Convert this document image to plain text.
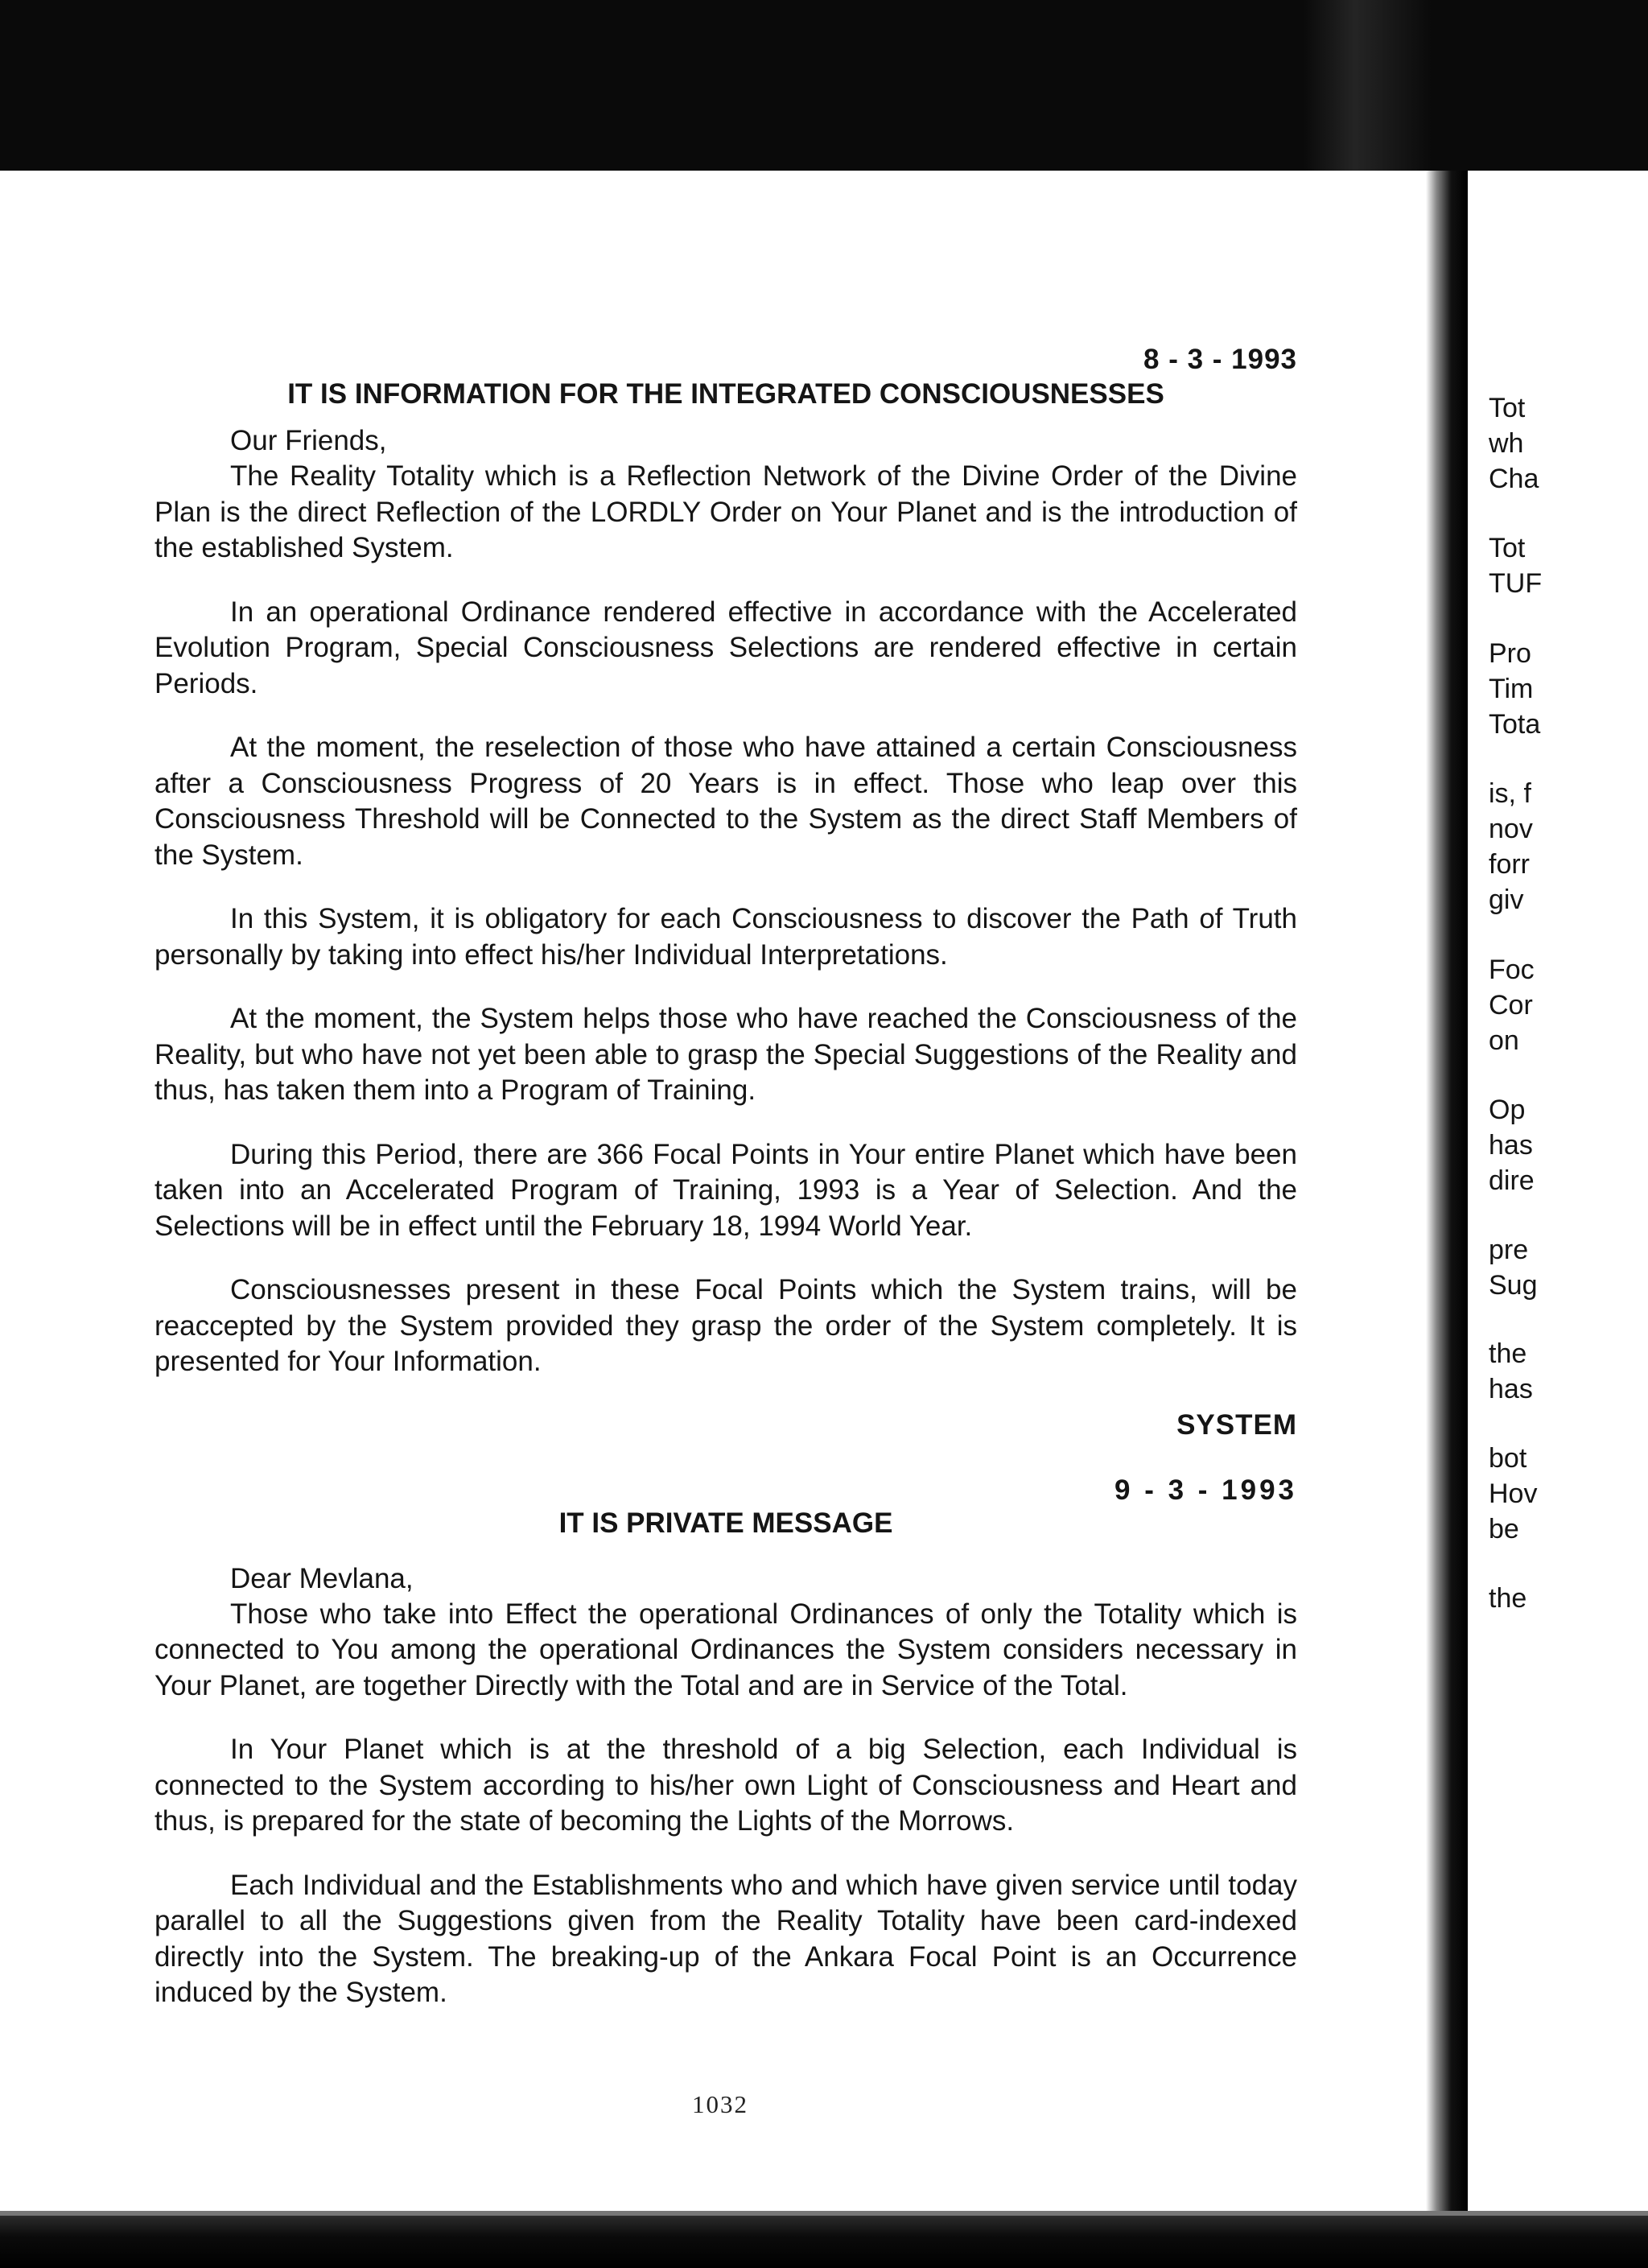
8 - 3 - 1993

IT IS INFORMATION FOR THE INTEGRATED CONSCIOUSNESSES

Our Friends,

The Reality Totality which is a Reflection Network of the Divine Order of the Divine Plan is the direct Reflection of the LORDLY Order on Your Planet and is the introduction of the established System.

In an operational Ordinance rendered effective in accordance with the Accelerated Evolution Program, Special Consciousness Selections are rendered effective in certain Periods.

At the moment, the reselection of those who have attained a certain Consciousness after a Consciousness Progress of 20 Years is in effect. Those who leap over this Consciousness Threshold will be Connected to the System as the direct Staff Members of the System.

In this System, it is obligatory for each Consciousness to discover the Path of Truth personally by taking into effect his/her Individual Interpretations.

At the moment, the System helps those who have reached the Consciousness of the Reality, but who have not yet been able to grasp the Special Suggestions of the Reality and thus, has taken them into a Program of Training.

During this Period, there are 366 Focal Points in Your entire Planet which have been taken into an Accelerated Program of Training, 1993 is a Year of Selection. And the Selections will be in effect until the February 18, 1994 World Year.

Consciousnesses present in these Focal Points which the System trains, will be reaccepted by the System provided they grasp the order of the System completely. It is presented for Your Information.

SYSTEM

9 - 3 - 1993

IT IS PRIVATE MESSAGE

Dear Mevlana,

Those who take into Effect the operational Ordinances of only the Totality which is connected to You among the operational Ordinances the System considers necessary in Your Planet, are together Directly with the Total and are in Service of the Total.

In Your Planet which is at the threshold of a big Selection, each Individual is connected to the System according to his/her own Light of Consciousness and Heart and thus, is prepared for the state of becoming the Lights of the Morrows.

Each Individual and the Establishments who and which have given service until today parallel to all the Suggestions given from the Reality Totality have been card-indexed directly into the System. The breaking-up of the Ankara Focal Point is an Occurrence induced by the System.

1032
Tot
wh
Cha
Tot
TUF
Pro
Tim
Tota
is, f
nov
forr
giv
Foc
Cor
on
Op
has
dire
pre
Sug
the
has
bot
Hov
be
the
